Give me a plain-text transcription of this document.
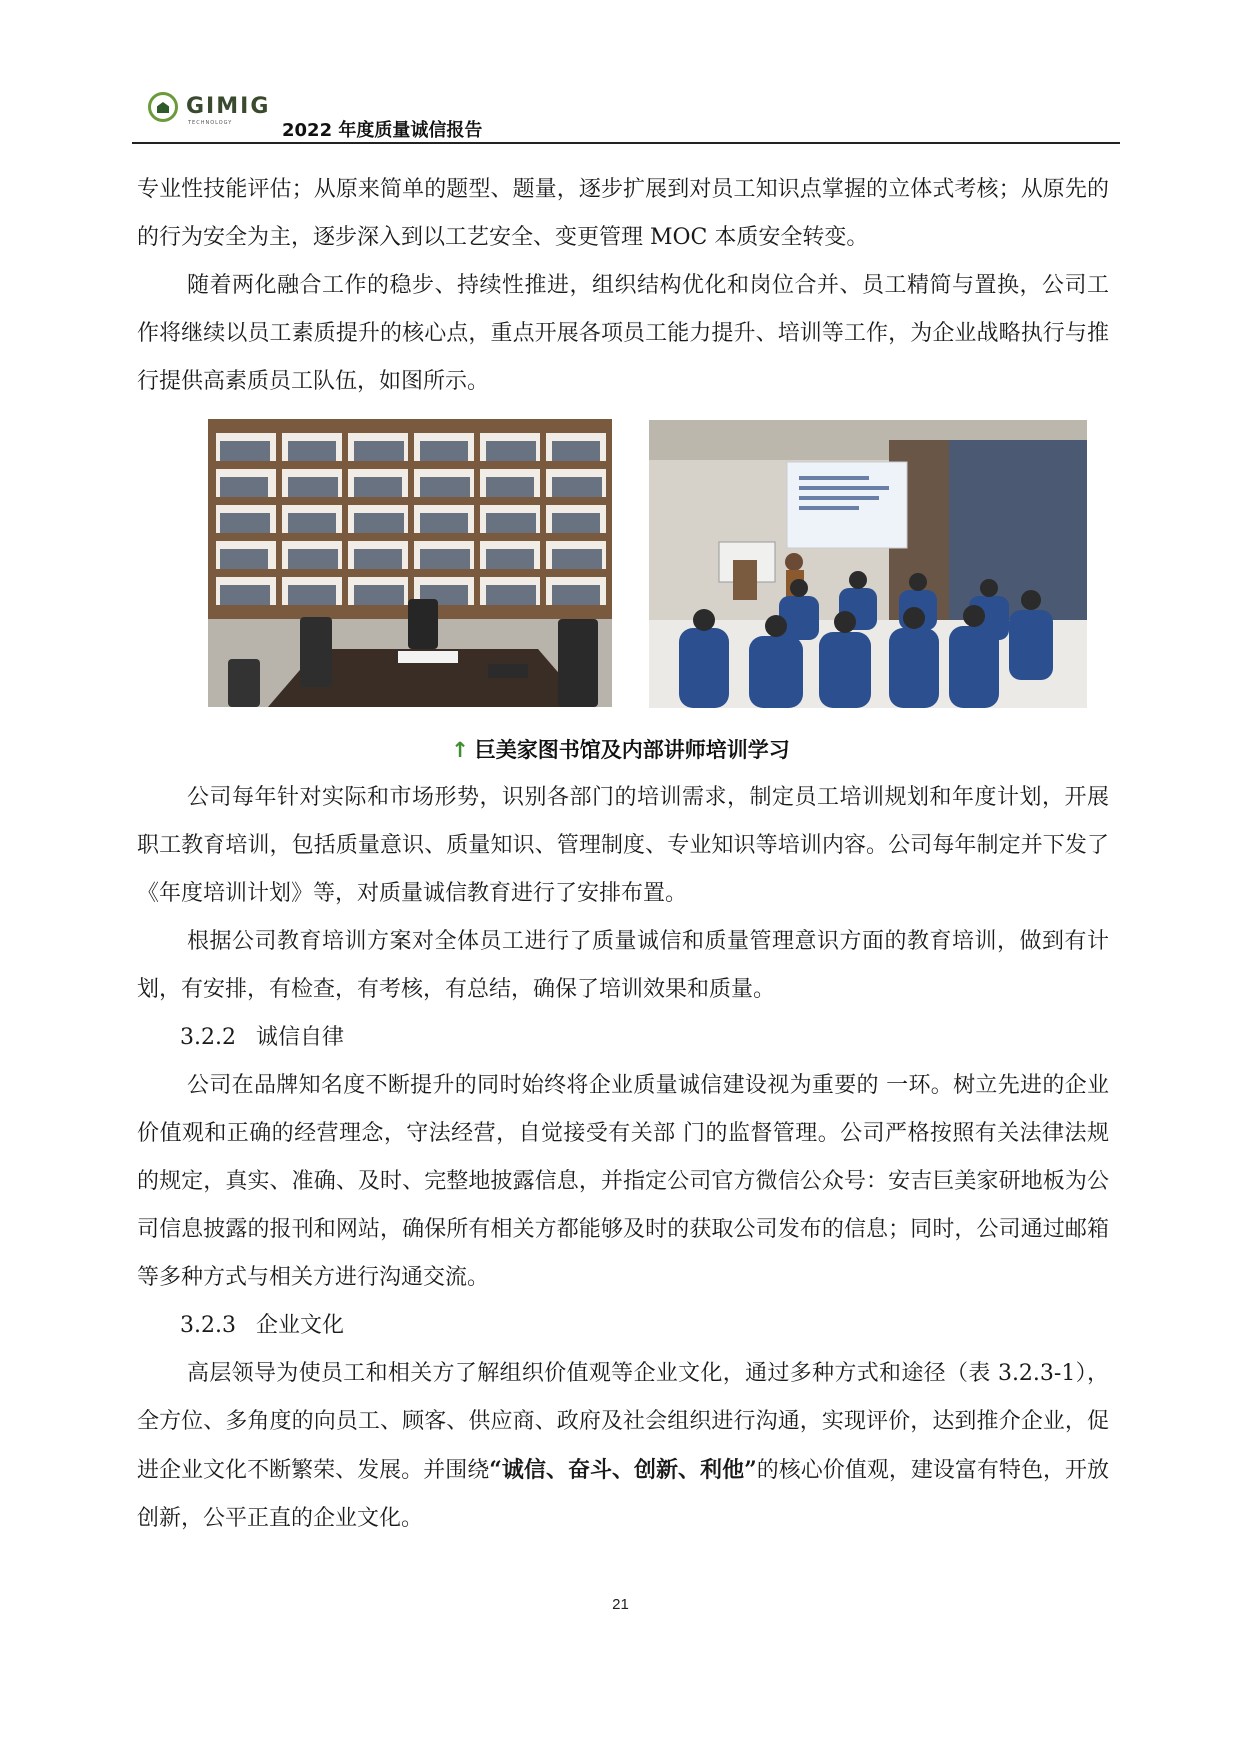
GIMIG
TECHNOLOGY	2022 年度质量诚信报告

专业性技能评估；从原来简单的题型、题量，逐步扩展到对员工知识点掌握的立体式考核；从原先的的行为安全为主，逐步深入到以工艺安全、变更管理 MOC 本质安全转变。

随着两化融合工作的稳步、持续性推进，组织结构优化和岗位合并、员工精简与置换，公司工作将继续以员工素质提升的核心点，重点开展各项员工能力提升、培训等工作，为企业战略执行与推行提供高素质员工队伍，如图所示。

↑ 巨美家图书馆及内部讲师培训学习

公司每年针对实际和市场形势，识别各部门的培训需求，制定员工培训规划和年度计划，开展职工教育培训，包括质量意识、质量知识、管理制度、专业知识等培训内容。公司每年制定并下发了《年度培训计划》等，对质量诚信教育进行了安排布置。

根据公司教育培训方案对全体员工进行了质量诚信和质量管理意识方面的教育培训，做到有计划，有安排，有检查，有考核，有总结，确保了培训效果和质量。

3.2.2 诚信自律

公司在品牌知名度不断提升的同时始终将企业质量诚信建设视为重要的 一环。树立先进的企业价值观和正确的经营理念，守法经营，自觉接受有关部 门的监督管理。公司严格按照有关法律法规的规定，真实、准确、及时、完整地披露信息，并指定公司官方微信公众号：安吉巨美家研地板为公司信息披露的报刊和网站，确保所有相关方都能够及时的获取公司发布的信息；同时，公司通过邮箱等多种方式与相关方进行沟通交流。

3.2.3 企业文化

高层领导为使员工和相关方了解组织价值观等企业文化，通过多种方式和途径（表 3.2.3-1），全方位、多角度的向员工、顾客、供应商、政府及社会组织进行沟通，实现评价，达到推介企业，促进企业文化不断繁荣、发展。并围绕“诚信、奋斗、创新、利他”的核心价值观，建设富有特色，开放创新，公平正直的企业文化。

21
